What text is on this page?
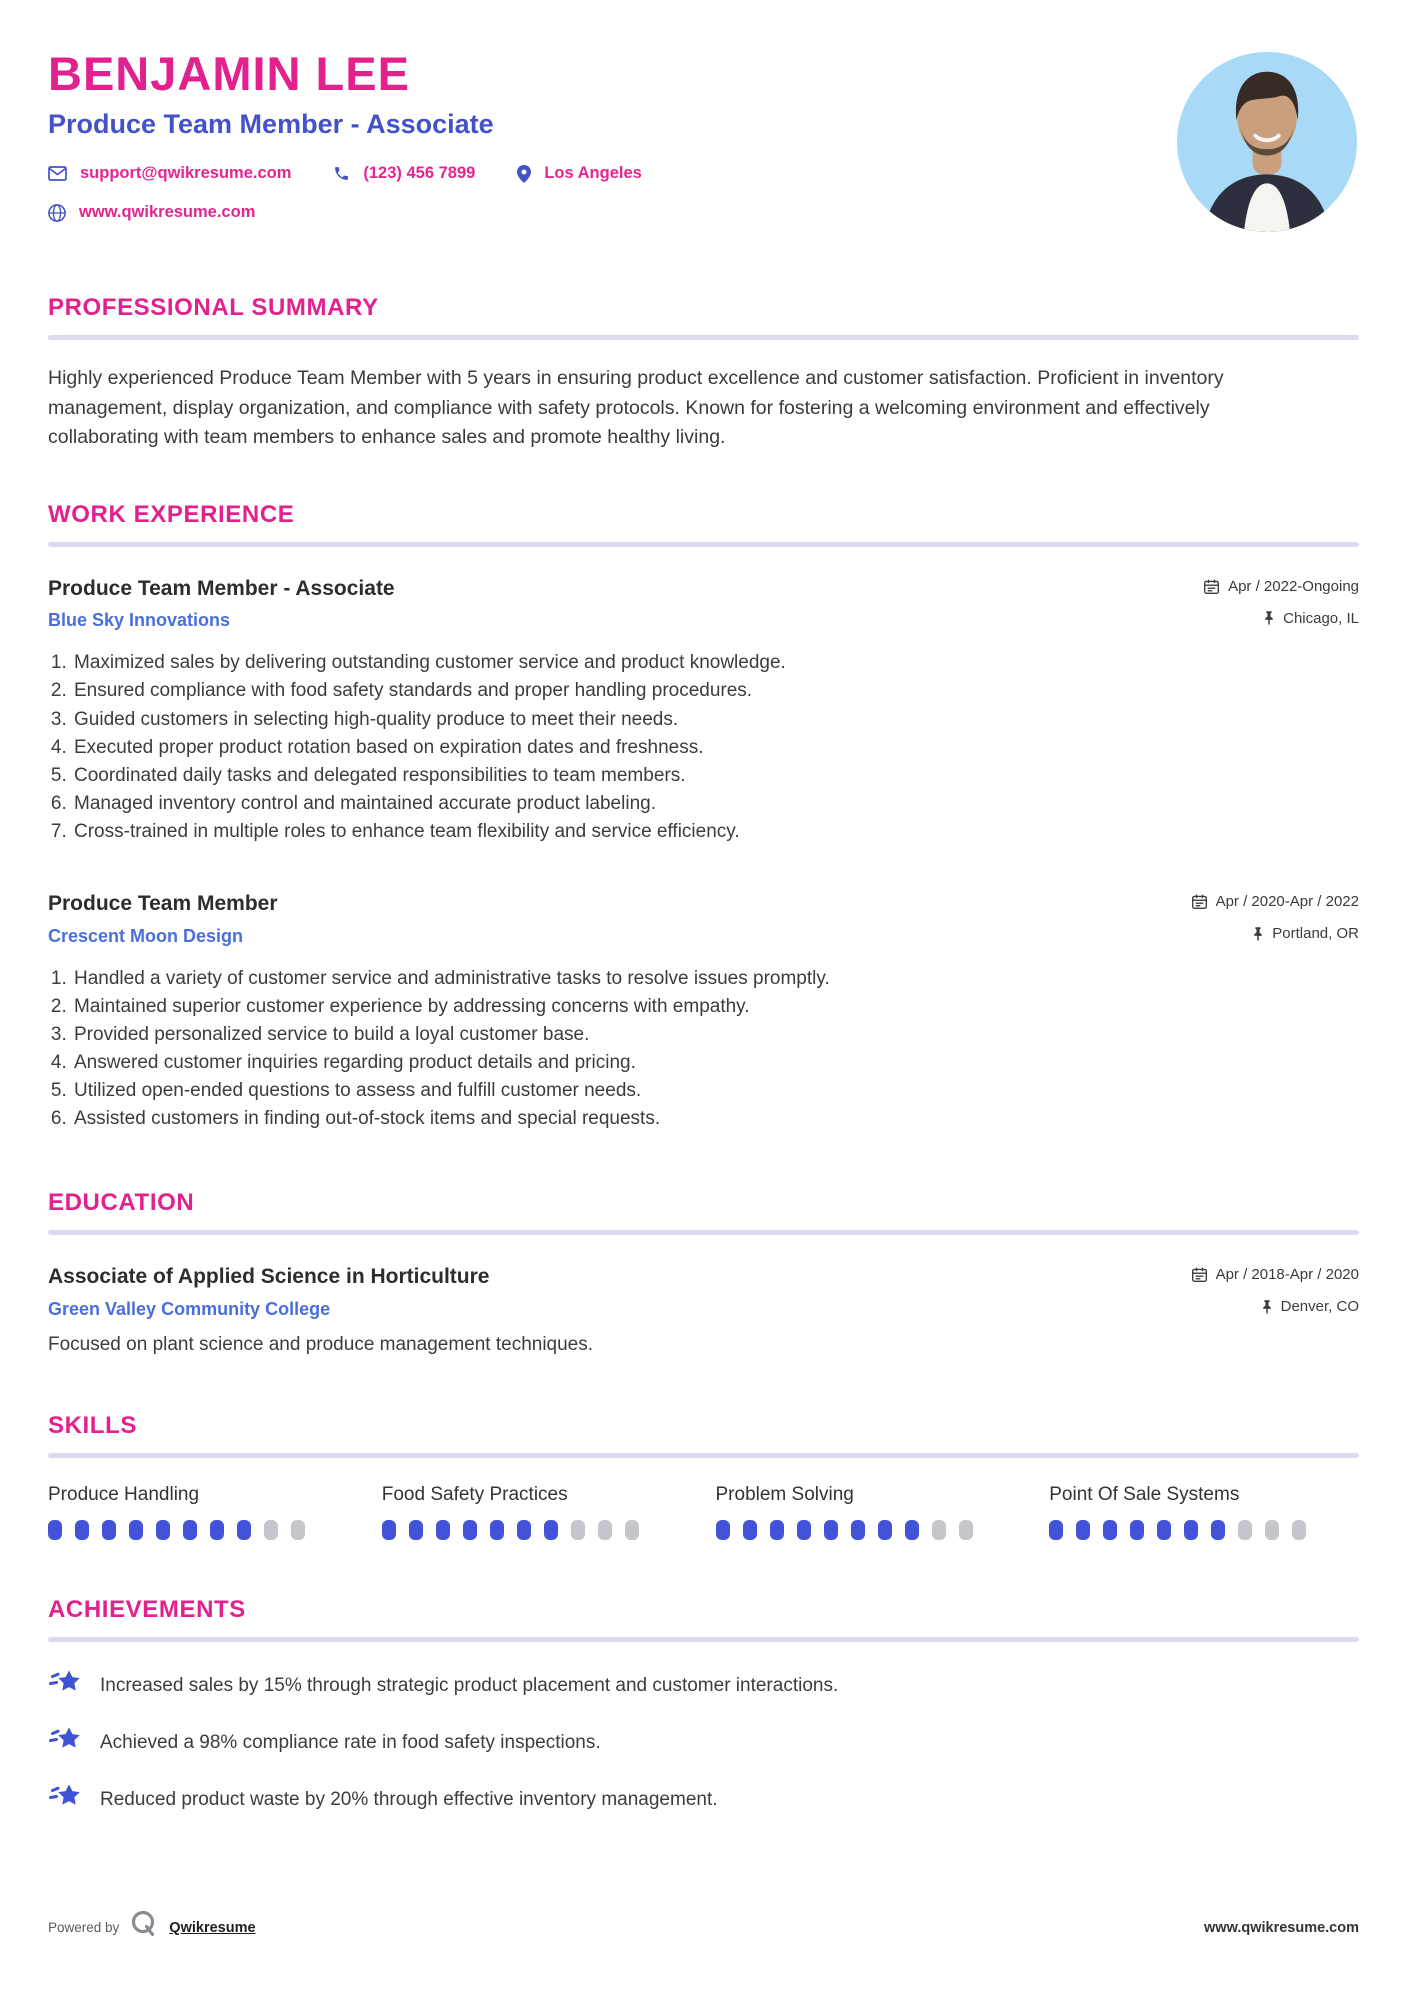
BENJAMIN LEE
Produce Team Member - Associate
support@qwikresume.com	(123) 456 7899	Los Angeles
www.qwikresume.com
PROFESSIONAL SUMMARY

Highly experienced Produce Team Member with 5 years in ensuring product excellence and customer satisfaction. Proficient in inventory management, display organization, and compliance with safety protocols. Known for fostering a welcoming environment and effectively collaborating with team members to enhance sales and promote healthy living.

WORK EXPERIENCE
Produce Team Member - Associate	Apr / 2022-Ongoing
Blue Sky Innovations	Chicago, IL
1. Maximized sales by delivering outstanding customer service and product knowledge.
2. Ensured compliance with food safety standards and proper handling procedures.
3. Guided customers in selecting high-quality produce to meet their needs.
4. Executed proper product rotation based on expiration dates and freshness.
5. Coordinated daily tasks and delegated responsibilities to team members.
6. Managed inventory control and maintained accurate product labeling.
7. Cross-trained in multiple roles to enhance team flexibility and service efficiency.
Produce Team Member	Apr / 2020-Apr / 2022
Crescent Moon Design	Portland, OR
1. Handled a variety of customer service and administrative tasks to resolve issues promptly.
2. Maintained superior customer experience by addressing concerns with empathy.
3. Provided personalized service to build a loyal customer base.
4. Answered customer inquiries regarding product details and pricing.
5. Utilized open-ended questions to assess and fulfill customer needs.
6. Assisted customers in finding out-of-stock items and special requests.
EDUCATION
Associate of Applied Science in Horticulture	Apr / 2018-Apr / 2020
Green Valley Community College	Denver, CO
Focused on plant science and produce management techniques.
SKILLS
Produce Handling	Food Safety Practices	Problem Solving	Point Of Sale Systems
ACHIEVEMENTS
Increased sales by 15% through strategic product placement and customer interactions.
Achieved a 98% compliance rate in food safety inspections.
Reduced product waste by 20% through effective inventory management.
Powered by	Qwikresume	www.qwikresume.com
